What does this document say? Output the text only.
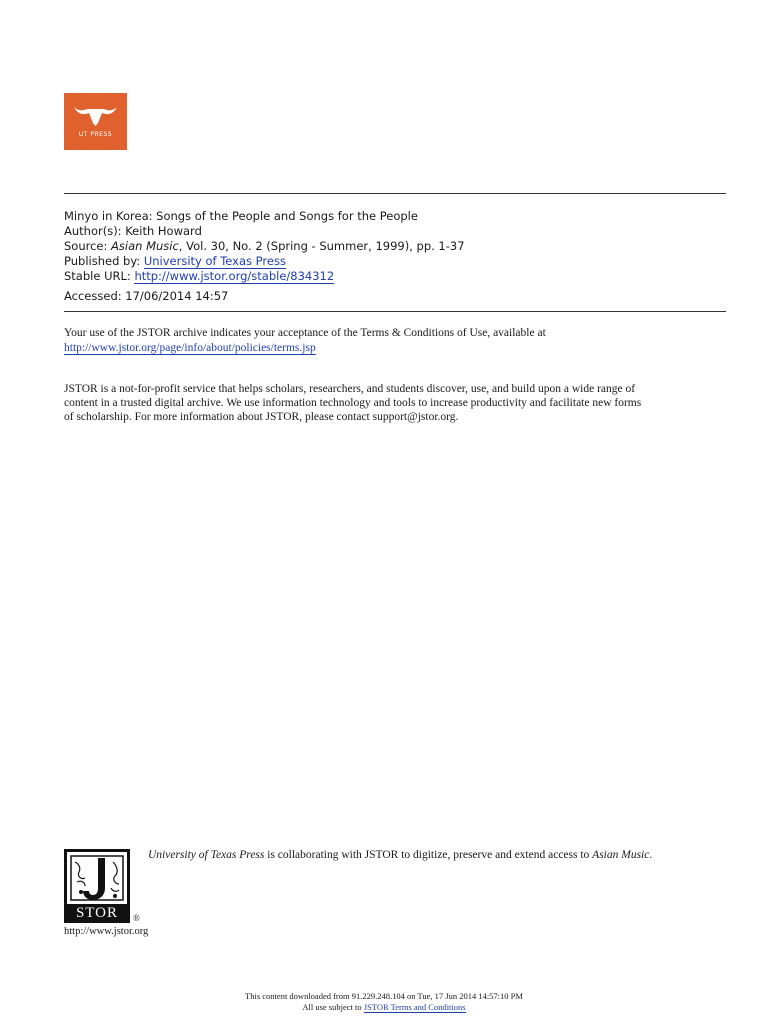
UT PRESS
Minyo in Korea: Songs of the People and Songs for the People
Author(s): Keith Howard
Source: Asian Music, Vol. 30, No. 2 (Spring - Summer, 1999), pp. 1-37
Published by: University of Texas Press
Stable URL: http://www.jstor.org/stable/834312
Accessed: 17/06/2014 14:57
Your use of the JSTOR archive indicates your acceptance of the Terms & Conditions of Use, available at
http://www.jstor.org/page/info/about/policies/terms.jsp
JSTOR is a not-for-profit service that helps scholars, researchers, and students discover, use, and build upon a wide range of
content in a trusted digital archive. We use information technology and tools to increase productivity and facilitate new forms
of scholarship. For more information about JSTOR, please contact support@jstor.org.
STOR	®
http://www.jstor.org
University of Texas Press is collaborating with JSTOR to digitize, preserve and extend access to Asian Music.
This content downloaded from 91.229.248.104 on Tue, 17 Jun 2014 14:57:10 PM
All use subject to JSTOR Terms and Conditions
